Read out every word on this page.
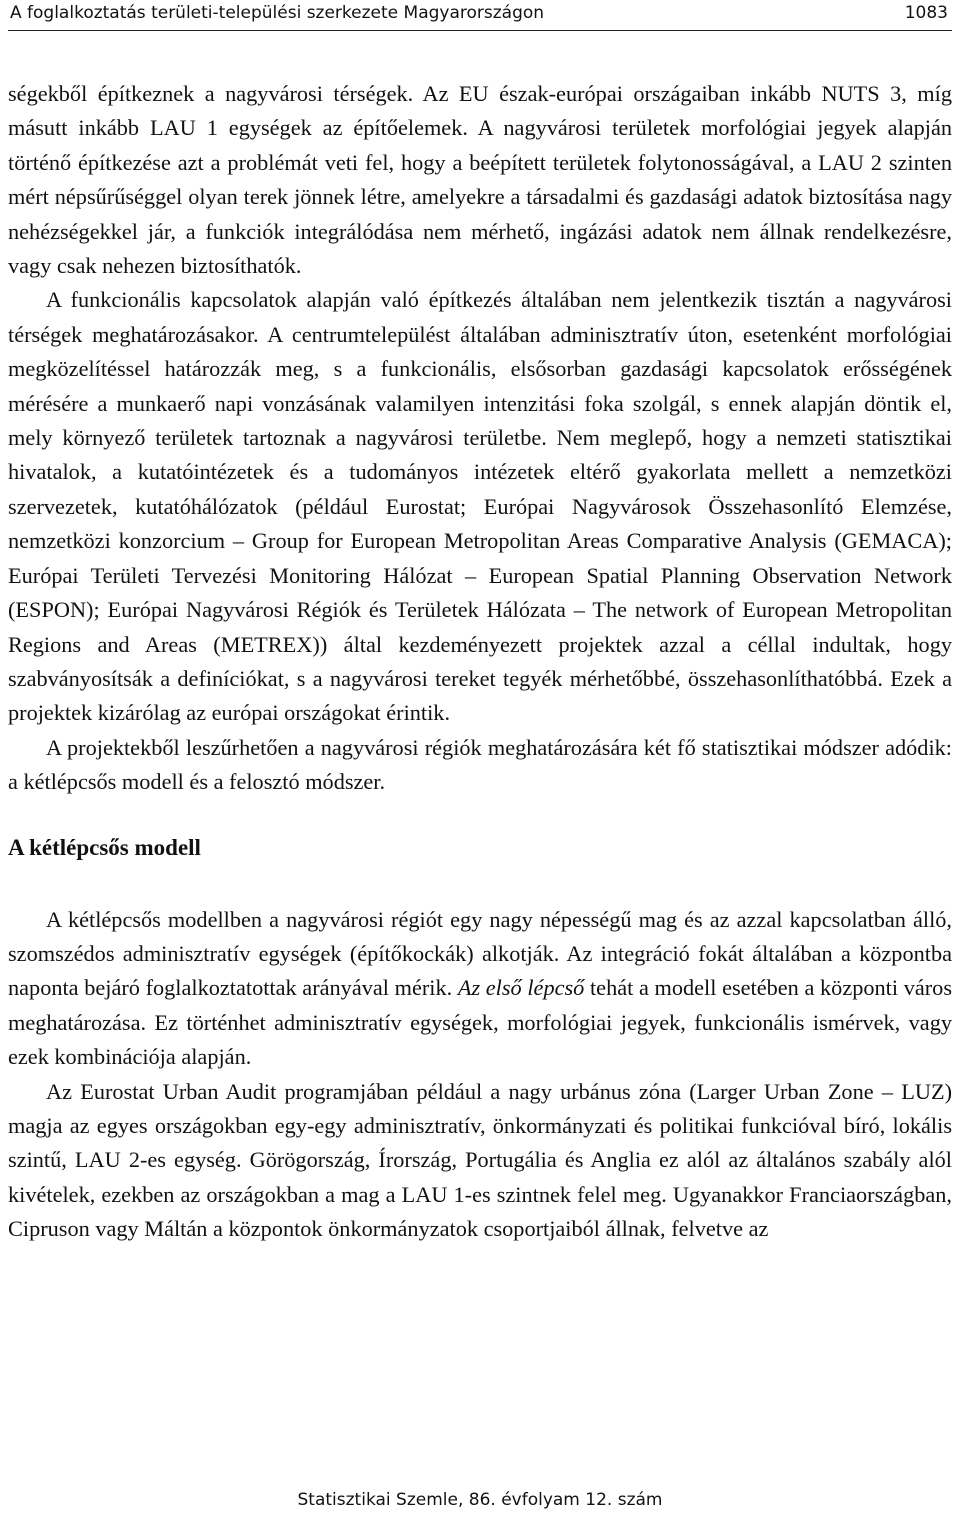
A foglalkoztatás területi-települési szerkezete Magyarországon	1083

ségekből építkeznek a nagyvárosi térségek. Az EU észak-európai országaiban inkább NUTS 3, míg másutt inkább LAU 1 egységek az építőelemek. A nagyvárosi területek morfológiai jegyek alapján történő építkezése azt a problémát veti fel, hogy a beépített területek folytonosságával, a LAU 2 szinten mért népsűrűséggel olyan terek jönnek létre, amelyekre a társadalmi és gazdasági adatok biztosítása nagy nehézségekkel jár, a funkciók integrálódása nem mérhető, ingázási adatok nem állnak rendelkezésre, vagy csak nehezen biztosíthatók.

A funkcionális kapcsolatok alapján való építkezés általában nem jelentkezik tisztán a nagyvárosi térségek meghatározásakor. A centrumtelepülést általában adminisztratív úton, esetenként morfológiai megközelítéssel határozzák meg, s a funkcionális, elsősorban gazdasági kapcsolatok erősségének mérésére a munkaerő napi vonzásának valamilyen intenzitási foka szolgál, s ennek alapján döntik el, mely környező területek tartoznak a nagyvárosi területbe. Nem meglepő, hogy a nemzeti statisztikai hivatalok, a kutatóintézetek és a tudományos intézetek eltérő gyakorlata mellett a nemzetközi szervezetek, kutatóhálózatok (például Eurostat; Európai Nagyvárosok Összehasonlító Elemzése, nemzetközi konzorcium – Group for European Metropolitan Areas Comparative Analysis (GEMACA); Európai Területi Tervezési Monitoring Hálózat – European Spatial Planning Observation Network (ESPON); Európai Nagyvárosi Régiók és Területek Hálózata – The network of European Metropolitan Regions and Areas (METREX)) által kezdeményezett projektek azzal a céllal indultak, hogy szabványosítsák a definíciókat, s a nagyvárosi tereket tegyék mérhetőbbé, összehasonlíthatóbbá. Ezek a projektek kizárólag az európai országokat érintik.

A projektekből leszűrhetően a nagyvárosi régiók meghatározására két fő statisztikai módszer adódik: a kétlépcsős modell és a felosztó módszer.

A kétlépcsős modell

A kétlépcsős modellben a nagyvárosi régiót egy nagy népességű mag és az azzal kapcsolatban álló, szomszédos adminisztratív egységek (építőkockák) alkotják. Az integráció fokát általában a központba naponta bejáró foglalkoztatottak arányával mérik. Az első lépcső tehát a modell esetében a központi város meghatározása. Ez történhet adminisztratív egységek, morfológiai jegyek, funkcionális ismérvek, vagy ezek kombinációja alapján.

Az Eurostat Urban Audit programjában például a nagy urbánus zóna (Larger Urban Zone – LUZ) magja az egyes országokban egy-egy adminisztratív, önkormányzati és politikai funkcióval bíró, lokális szintű, LAU 2-es egység. Görögország, Írország, Portugália és Anglia ez alól az általános szabály alól kivételek, ezekben az országokban a mag a LAU 1-es szintnek felel meg. Ugyanakkor Franciaországban, Cipruson vagy Máltán a központok önkormányzatok csoportjaiból állnak, felvetve az

Statisztikai Szemle, 86. évfolyam 12. szám
